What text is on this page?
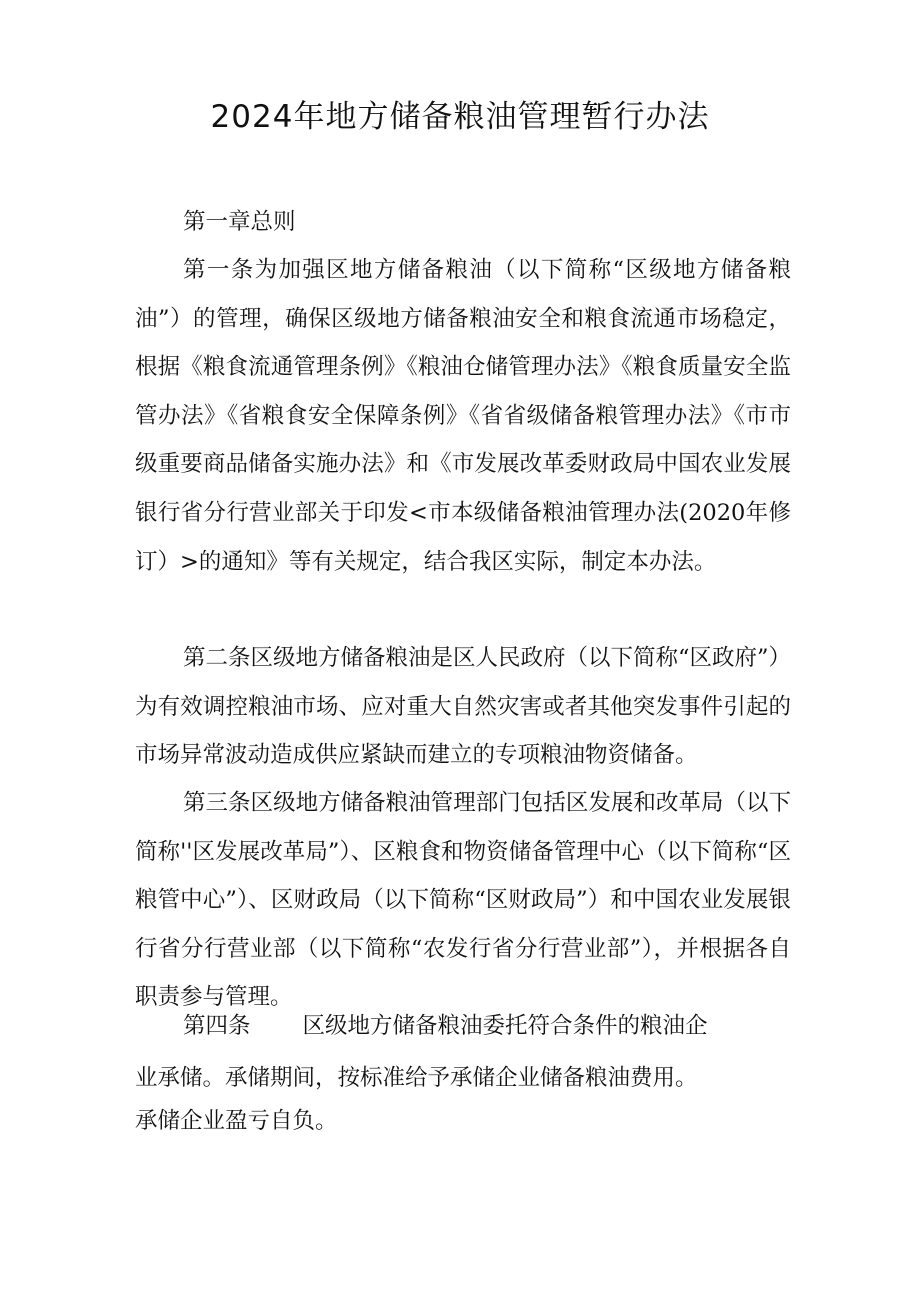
2024年地方储备粮油管理暂行办法

第一章总则

第一条为加强区地方储备粮油（以下简称“区级地方储备粮油”）的管理，确保区级地方储备粮油安全和粮食流通市场稳定，根据《粮食流通管理条例》《粮油仓储管理办法》《粮食质量安全监管办法》《省粮食安全保障条例》《省省级储备粮管理办法》《市市级重要商品储备实施办法》和《市发展改革委财政局中国农业发展银行省分行营业部关于印发<市本级储备粮油管理办法(2020年修订）>的通知》等有关规定，结合我区实际，制定本办法。

第二条区级地方储备粮油是区人民政府（以下简称“区政府”）为有效调控粮油市场、应对重大自然灾害或者其他突发事件引起的市场异常波动造成供应紧缺而建立的专项粮油物资储备。

第三条区级地方储备粮油管理部门包括区发展和改革局（以下简称''区发展改革局”）、区粮食和物资储备管理中心（以下简称“区粮管中心”）、区财政局（以下简称“区财政局”）和中国农业发展银行省分行营业部（以下简称“农发行省分行营业部”），并根据各自职责参与管理。

第四条 区级地方储备粮油委托符合条件的粮油企

业承储。承储期间，按标准给予承储企业储备粮油费用。

承储企业盈亏自负。
